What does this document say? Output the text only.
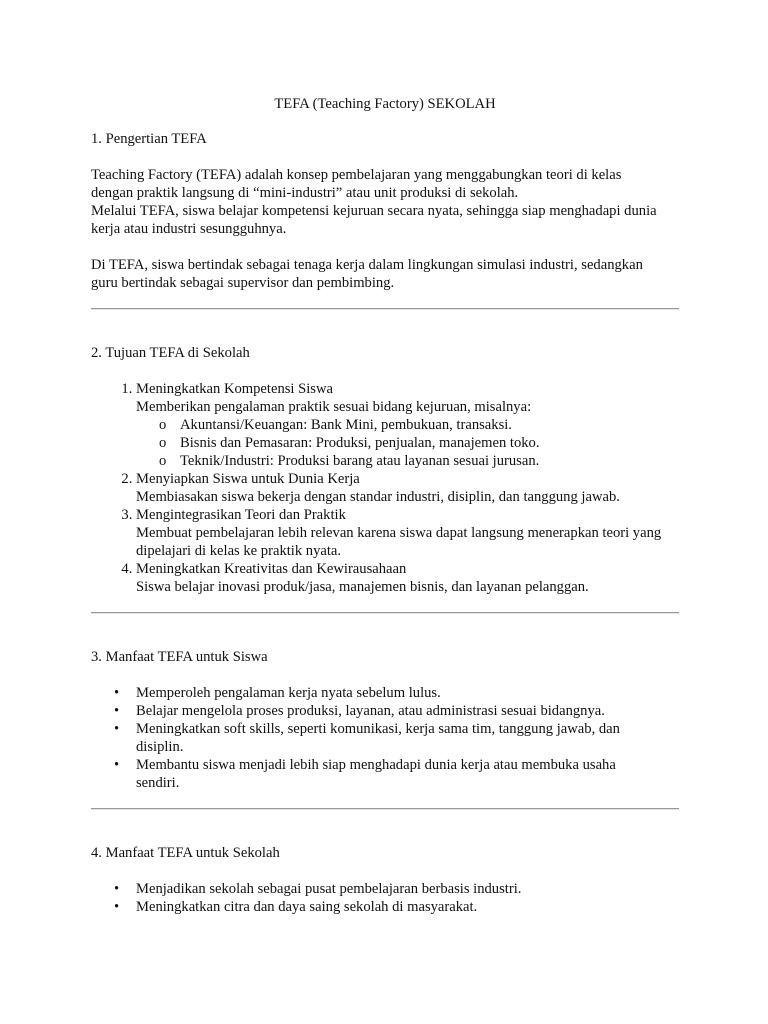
TEFA (Teaching Factory) SEKOLAH

1. Pengertian TEFA

Teaching Factory (TEFA) adalah konsep pembelajaran yang menggabungkan teori di kelas

dengan praktik langsung di “mini-industri” atau unit produksi di sekolah.

Melalui TEFA, siswa belajar kompetensi kejuruan secara nyata, sehingga siap menghadapi dunia

kerja atau industri sesungguhnya.

Di TEFA, siswa bertindak sebagai tenaga kerja dalam lingkungan simulasi industri, sedangkan

guru bertindak sebagai supervisor dan pembimbing.

2. Tujuan TEFA di Sekolah

1. Meningkatkan Kompetensi Siswa
Memberikan pengalaman praktik sesuai bidang kejuruan, misalnya:
o Akuntansi/Keuangan: Bank Mini, pembukuan, transaksi.
o Bisnis dan Pemasaran: Produksi, penjualan, manajemen toko.
o Teknik/Industri: Produksi barang atau layanan sesuai jurusan.
2. Menyiapkan Siswa untuk Dunia Kerja
Membiasakan siswa bekerja dengan standar industri, disiplin, dan tanggung jawab.
3. Mengintegrasikan Teori dan Praktik
Membuat pembelajaran lebih relevan karena siswa dapat langsung menerapkan teori yang
dipelajari di kelas ke praktik nyata.
4. Meningkatkan Kreativitas dan Kewirausahaan
Siswa belajar inovasi produk/jasa, manajemen bisnis, dan layanan pelanggan.

3. Manfaat TEFA untuk Siswa

• Memperoleh pengalaman kerja nyata sebelum lulus.
• Belajar mengelola proses produksi, layanan, atau administrasi sesuai bidangnya.
• Meningkatkan soft skills, seperti komunikasi, kerja sama tim, tanggung jawab, dan
disiplin.
• Membantu siswa menjadi lebih siap menghadapi dunia kerja atau membuka usaha
sendiri.

4. Manfaat TEFA untuk Sekolah

• Menjadikan sekolah sebagai pusat pembelajaran berbasis industri.
• Meningkatkan citra dan daya saing sekolah di masyarakat.
